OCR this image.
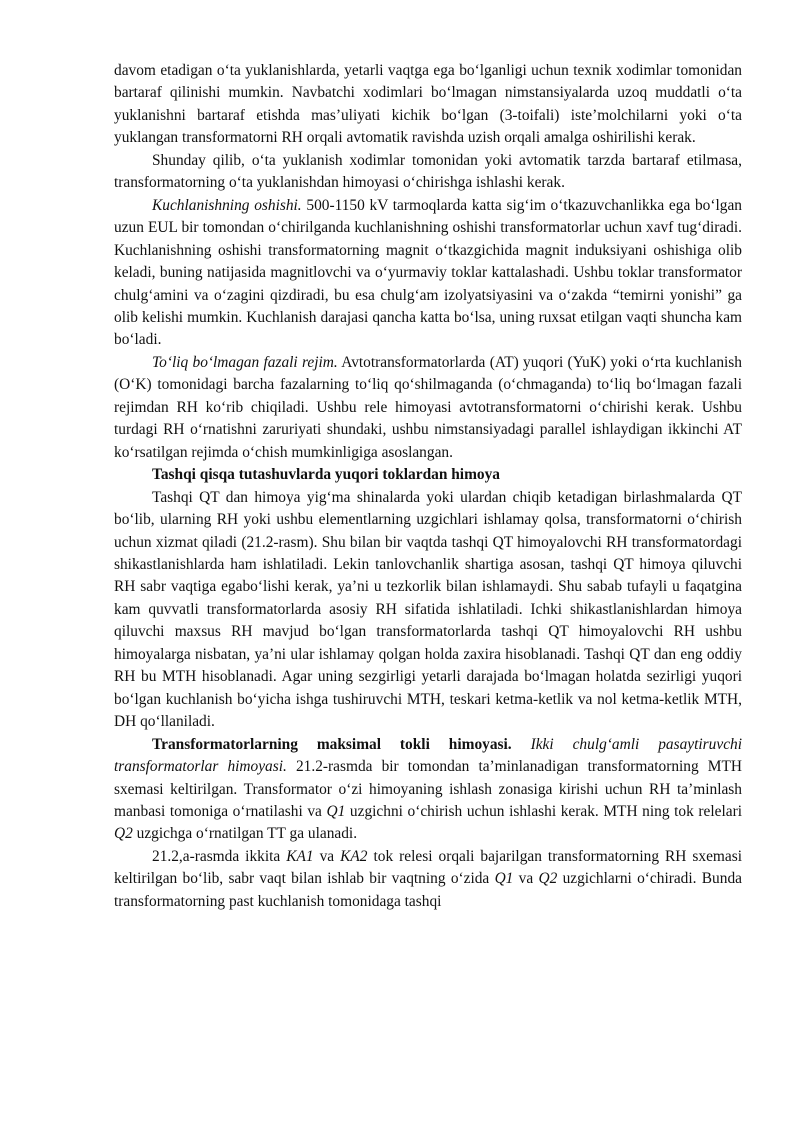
davom etadigan o‘ta yuklanishlarda, yetarli vaqtga ega bo‘lganligi uchun texnik xodimlar tomonidan bartaraf qilinishi mumkin. Navbatchi xodimlari bo‘lmagan nimstansiyalarda uzoq muddatli o‘ta yuklanishni bartaraf etishda mas’uliyati kichik bo‘lgan (3-toifali) iste’molchilarni yoki o‘ta yuklangan transformatorni RH orqali avtomatik ravishda uzish orqali amalga oshirilishi kerak.

Shunday qilib, o‘ta yuklanish xodimlar tomonidan yoki avtomatik tarzda bartaraf etilmasa, transformatorning o‘ta yuklanishdan himoyasi o‘chirishga ishlashi kerak.

Kuchlanishning oshishi. 500-1150 kV tarmoqlarda katta sig‘im o‘tkazuvchanlikka ega bo‘lgan uzun EUL bir tomondan o‘chirilganda kuchlanishning oshishi transformatorlar uchun xavf tug‘diradi. Kuchlanishning oshishi transformatorning magnit o‘tkazgichida magnit induksiyani oshishiga olib keladi, buning natijasida magnitlovchi va o‘yurmaviy toklar kattalashadi. Ushbu toklar transformator chulg‘amini va o‘zagini qizdiradi, bu esa chulg‘am izolyatsiyasini va o‘zakda “temirni yonishi” ga olib kelishi mumkin. Kuchlanish darajasi qancha katta bo‘lsa, uning ruxsat etilgan vaqti shuncha kam bo‘ladi.

To‘liq bo‘lmagan fazali rejim. Avtotransformatorlarda (AT) yuqori (YuK) yoki o‘rta kuchlanish (O‘K) tomonidagi barcha fazalarning to‘liq qo‘shilmaganda (o‘chmaganda) to‘liq bo‘lmagan fazali rejimdan RH ko‘rib chiqiladi. Ushbu rele himoyasi avtotransformatorni o‘chirishi kerak. Ushbu turdagi RH o‘rnatishni zaruriyati shundaki, ushbu nimstansiyadagi parallel ishlaydigan ikkinchi AT ko‘rsatilgan rejimda o‘chish mumkinligiga asoslangan.

Tashqi qisqa tutashuvlarda yuqori toklardan himoya

Tashqi QT dan himoya yig‘ma shinalarda yoki ulardan chiqib ketadigan birlashmalarda QT bo‘lib, ularning RH yoki ushbu elementlarning uzgichlari ishlamay qolsa, transformatorni o‘chirish uchun xizmat qiladi (21.2-rasm). Shu bilan bir vaqtda tashqi QT himoyalovchi RH transformatordagi shikastlanishlarda ham ishlatiladi. Lekin tanlovchanlik shartiga asosan, tashqi QT himoya qiluvchi RH sabr vaqtiga egabo‘lishi kerak, ya’ni u tezkorlik bilan ishlamaydi. Shu sabab tufayli u faqatgina kam quvvatli transformatorlarda asosiy RH sifatida ishlatiladi. Ichki shikastlanishlardan himoya qiluvchi maxsus RH mavjud bo‘lgan transformatorlarda tashqi QT himoyalovchi RH ushbu himoyalarga nisbatan, ya’ni ular ishlamay qolgan holda zaxira hisoblanadi. Tashqi QT dan eng oddiy RH bu MTH hisoblanadi. Agar uning sezgirligi yetarli darajada bo‘lmagan holatda sezirligi yuqori bo‘lgan kuchlanish bo‘yicha ishga tushiruvchi MTH, teskari ketma-ketlik va nol ketma-ketlik MTH, DH qo‘llaniladi.

Transformatorlarning maksimal tokli himoyasi. Ikki chulg‘amli pasaytiruvchi transformatorlar himoyasi. 21.2-rasmda bir tomondan ta’minlanadigan transformatorning MTH sxemasi keltirilgan. Transformator o‘zi himoyaning ishlash zonasiga kirishi uchun RH ta’minlash manbasi tomoniga o‘rnatilashi va Q1 uzgichni o‘chirish uchun ishlashi kerak. MTH ning tok relelari Q2 uzgichga o‘rnatilgan TT ga ulanadi.

21.2,a-rasmda ikkita KA1 va KA2 tok relesi orqali bajarilgan transformatorning RH sxemasi keltirilgan bo‘lib, sabr vaqt bilan ishlab bir vaqtning o‘zida Q1 va Q2 uzgichlarni o‘chiradi. Bunda transformatorning past kuchlanish tomonidaga tashqi
